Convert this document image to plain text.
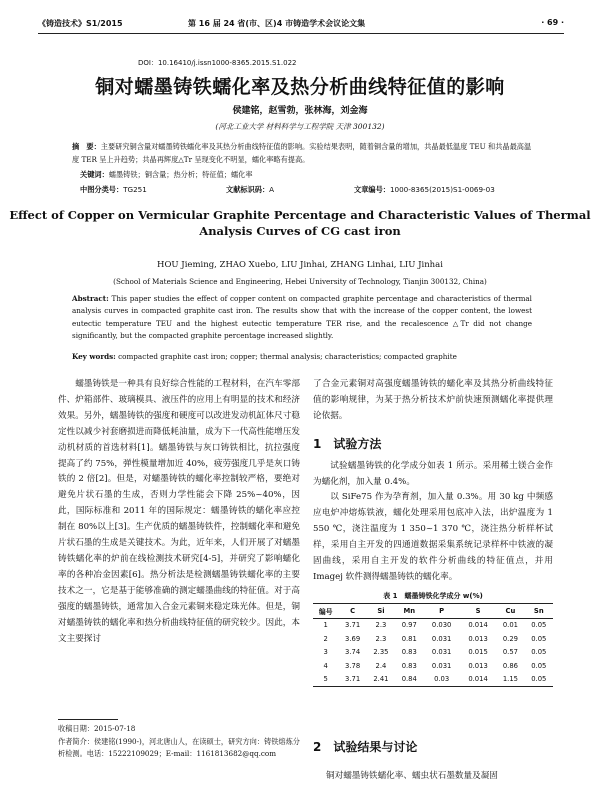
《铸造技术》S1/2015	第 16 届 24 省(市、区)4 市铸造学术会议论文集	· 69 ·
DOI：10.16410/j.issn1000-8365.2015.S1.022
铜对蠕墨铸铁蠕化率及热分析曲线特征值的影响
侯建铭，赵雪勃，张林海，刘金海
(河北工业大学 材料科学与工程学院 天津 300132)
摘　要：主要研究铜含量对蠕墨铸铁蠕化率及其热分析曲线特征值的影响。实验结果表明，随着铜含量的增加，共晶最低温度 TEU 和共晶最高温度 TER 呈上升趋势；共晶再辉度△Tr 呈现变化不明显，蠕化率略有提高。
关键词：蠕墨铸铁；铜含量；热分析；特征值；蠕化率
中图分类号：TG251	文献标识码：A	文章编号：1000-8365(2015)S1-0069-03
Effect of Copper on Vermicular Graphite Percentage and Characteristic Values of Thermal Analysis Curves of CG cast iron
HOU Jieming, ZHAO Xuebo, LIU Jinhai, ZHANG Linhai, LIU Jinhai
(School of Materials Science and Engineering, Hebei University of Technology, Tianjin 300132, China)
Abstract: This paper studies the effect of copper content on compacted graphite percentage and characteristics of thermal analysis curves in compacted graphite cast iron. The results show that with the increase of the copper content, the lowest eutectic temperature TEU and the highest eutectic temperature TER rise, and the recalescence △Tr did not change significantly, but the compacted graphite percentage increased slightly.
Key words: compacted graphite cast iron; copper; thermal analysis; characteristics; compacted graphite

蠕墨铸铁是一种具有良好综合性能的工程材料，在汽车零部件、炉箱部件、玻璃模具、液压件的应用上有明显的技术和经济效果。另外，蠕墨铸铁的强度和硬度可以改进发动机缸体尺寸稳定性以减少衬套磨损进而降低耗油量，成为下一代高性能增压发动机材质的首选材料[1]。蠕墨铸铁与灰口铸铁相比，抗拉强度提高了约 75%，弹性模量增加近 40%，疲劳强度几乎是灰口铸铁的 2 倍[2]。但是，对蠕墨铸铁的蠕化率控制较严格，要绝对避免片状石墨的生成，否则力学性能会下降 25%~40%，因此，国际标准和 2011 年的国际规定：蠕墨铸铁的蠕化率应控制在 80%以上[3]。生产优质的蠕墨铸铁件，控制蠕化率和避免片状石墨的生成是关键技术。为此，近年来，人们开展了对蠕墨铸铁蠕化率的炉前在线检测技术研究[4-5]，并研究了影响蠕化率的各种冶金因素[6]。热分析法是检测蠕墨铸铁蠕化率的主要技术之一，它是基于能够准确的测定蠕墨曲线的特征值。对于高强度的蠕墨铸铁，通常加入合金元素铜来稳定珠光体。但是，铜对蠕墨铸铁的蠕化率和热分析曲线特征值的研究较少。因此，本文主要探讨

收稿日期：2015-07-18
作者简介：侯建铭(1990-)，河北唐山人，在读硕士，研究方向：铸铁熔炼分析检测。电话：15222109029；E-mail：1161813682@qq.com

了合金元素铜对高强度蠕墨铸铁的蠕化率及其热分析曲线特征值的影响规律，为某于热分析技术炉前快速预测蠕化率提供理论依据。

1　试验方法

试验蠕墨铸铁的化学成分如表 1 所示。采用稀土镁合金作为蠕化剂，加入量 0.4%。

以 SiFe75 作为孕育剂，加入量 0.3%。用 30 kg 中频感应电炉冲熔炼铁液，蠕化处理采用包底冲入法，出炉温度为 1 550 ℃，浇注温度为 1 350~1 370 ℃，浇注热分析样杯试样，采用自主开发的四通道数据采集系统记录样杯中铁液的凝固曲线，采用自主开发的软件分析曲线的特征值点，并用 Imagej 软件测得蠕墨铸铁的蠕化率。

表 1　蠕墨铸铁化学成分 w(%)
编号	C	Si	Mn	P	S	Cu	Sn
1	3.71	2.3	0.97	0.030	0.014	0.01	0.05
2	3.69	2.3	0.81	0.031	0.013	0.29	0.05
3	3.74	2.35	0.83	0.031	0.015	0.57	0.05
4	3.78	2.4	0.83	0.031	0.013	0.86	0.05
5	3.71	2.41	0.84	0.03	0.014	1.15	0.05
2　试验结果与讨论
铜对蠕墨铸铁蠕化率、蠕虫状石墨数量及凝固
